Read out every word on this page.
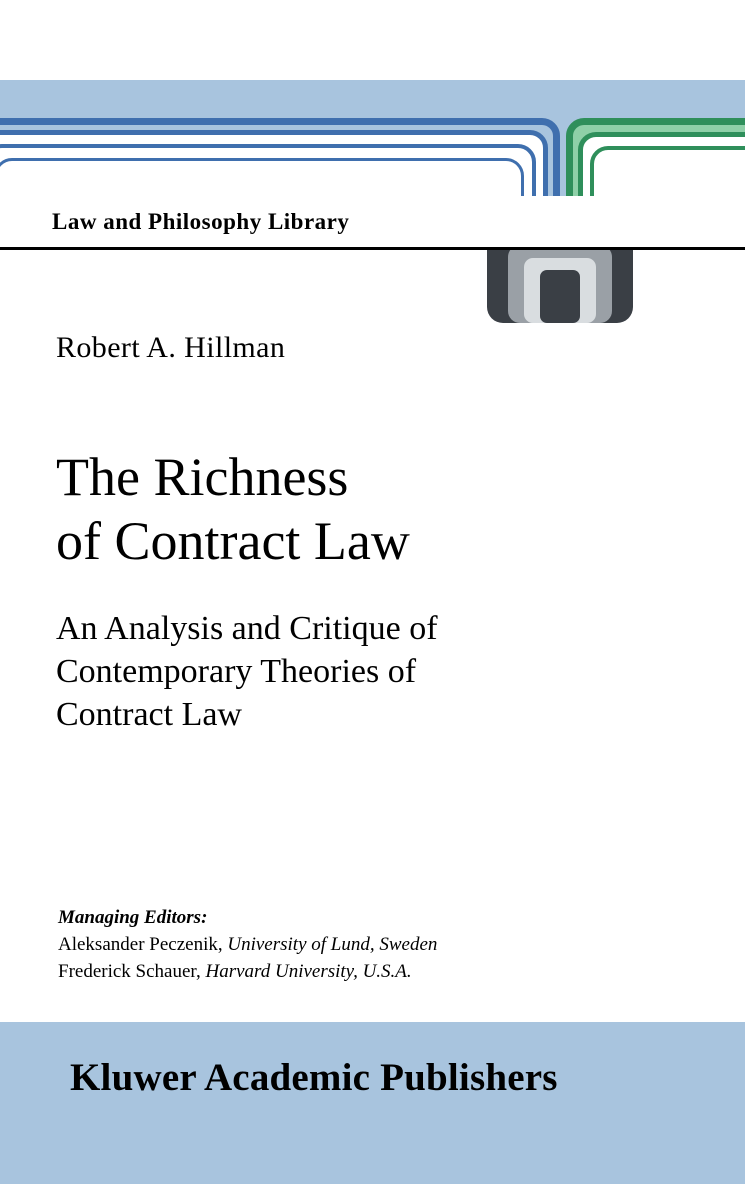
Law and Philosophy Library
Robert A. Hillman
The Richness
of Contract Law
An Analysis and Critique of
Contemporary Theories of
Contract Law
Managing Editors:
Aleksander Peczenik, University of Lund, Sweden
Frederick Schauer, Harvard University, U.S.A.
Kluwer Academic Publishers
